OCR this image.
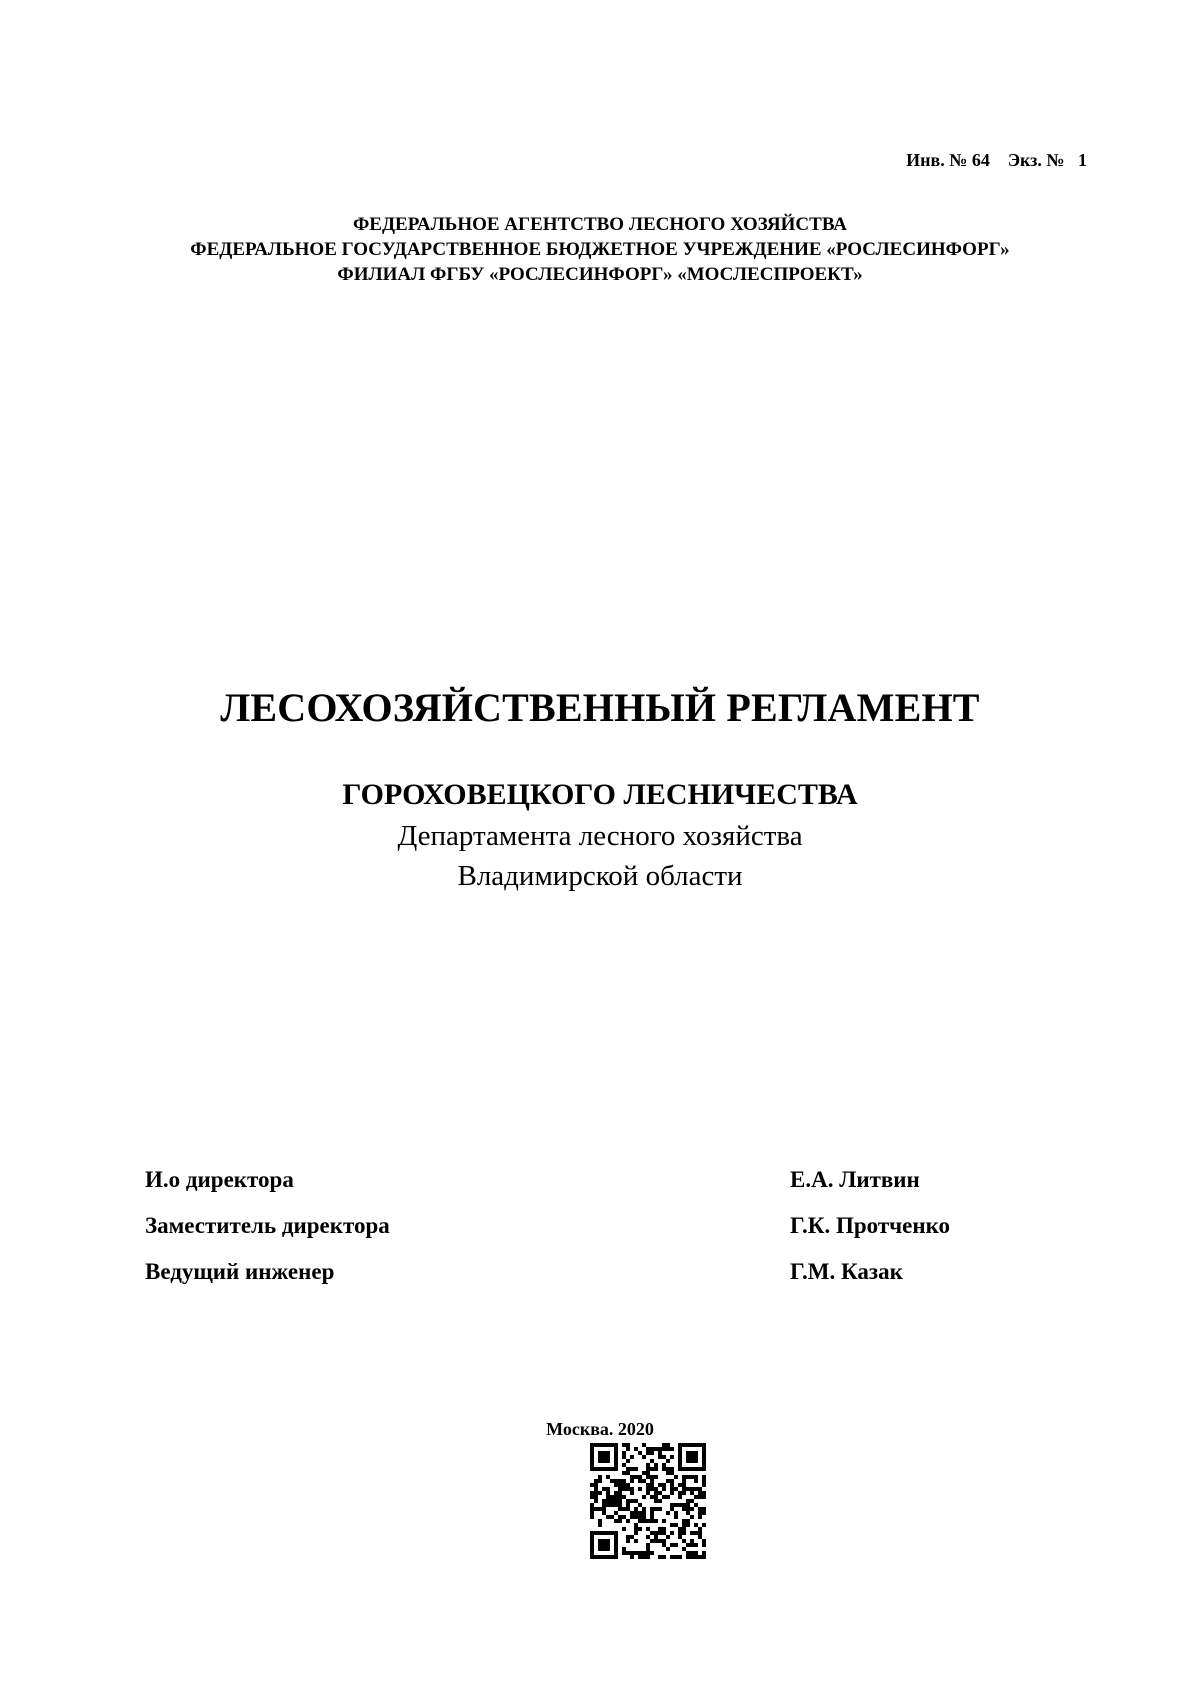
Инв. № 64    Экз. №   1
ФЕДЕРАЛЬНОЕ АГЕНТСТВО ЛЕСНОГО ХОЗЯЙСТВА
ФЕДЕРАЛЬНОЕ ГОСУДАРСТВЕННОЕ БЮДЖЕТНОЕ УЧРЕЖДЕНИЕ «РОСЛЕСИНФОРГ»
ФИЛИАЛ ФГБУ «РОСЛЕСИНФОРГ» «МОСЛЕСПРОЕКТ»
ЛЕСОХОЗЯЙСТВЕННЫЙ РЕГЛАМЕНТ
ГОРОХОВЕЦКОГО ЛЕСНИЧЕСТВА
Департамента лесного хозяйства
Владимирской области
И.о директора	Е.А. Литвин
Заместитель директора	Г.К. Протченко
Ведущий инженер	Г.М. Казак
Москва. 2020
